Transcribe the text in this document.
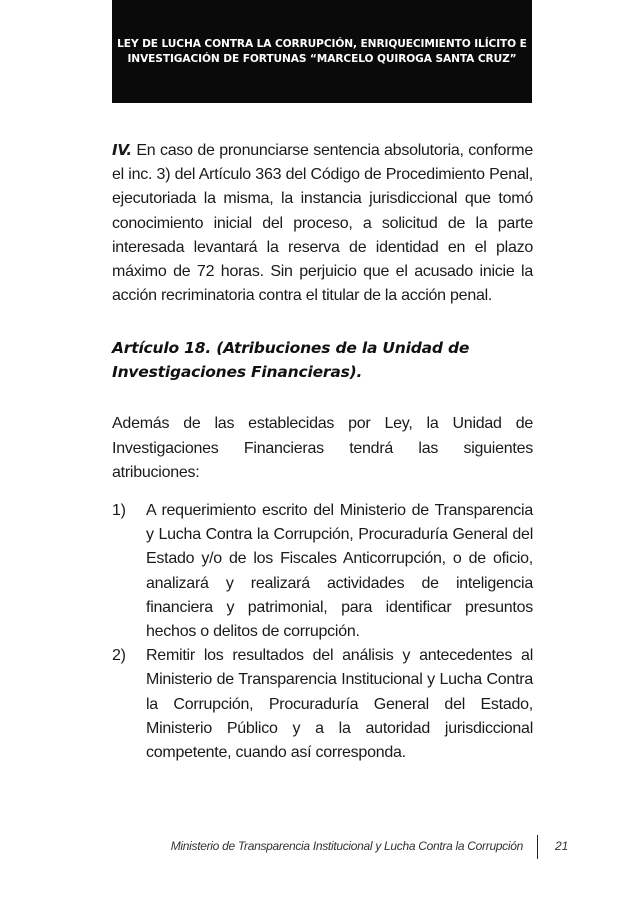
LEY DE LUCHA CONTRA LA CORRUPCIÓN, ENRIQUECIMIENTO ILÍCITO E
INVESTIGACIÓN DE FORTUNAS “MARCELO QUIROGA SANTA CRUZ”

IV. En caso de pronunciarse sentencia absolutoria, conforme el inc. 3) del Artículo 363 del Código de Procedimiento Penal, ejecutoriada la misma, la instancia jurisdiccional que tomó conocimiento inicial del proceso, a solicitud de la parte interesada levantará la reserva de identidad en el plazo máximo de 72 horas. Sin perjuicio que el acusado inicie la acción recriminatoria contra el titular de la acción penal.

Artículo 18. (Atribuciones de la Unidad de
Investigaciones Financieras).

Además de las establecidas por Ley, la Unidad de Investigaciones Financieras tendrá las siguientes atribuciones:

1)	A requerimiento escrito del Ministerio de Transparencia y Lucha Contra la Corrupción, Procuraduría General del Estado y/o de los Fiscales Anticorrupción, o de oficio, analizará y realizará actividades de inteligencia financiera y patrimonial, para identificar presuntos hechos o delitos de corrupción.
2)	Remitir los resultados del análisis y antecedentes al Ministerio de Transparencia Institucional y Lucha Contra la Corrupción, Procuraduría General del Estado, Ministerio Público y a la autoridad jurisdiccional competente, cuando así corresponda.
Ministerio de Transparencia Institucional y Lucha Contra la Corrupción	21
